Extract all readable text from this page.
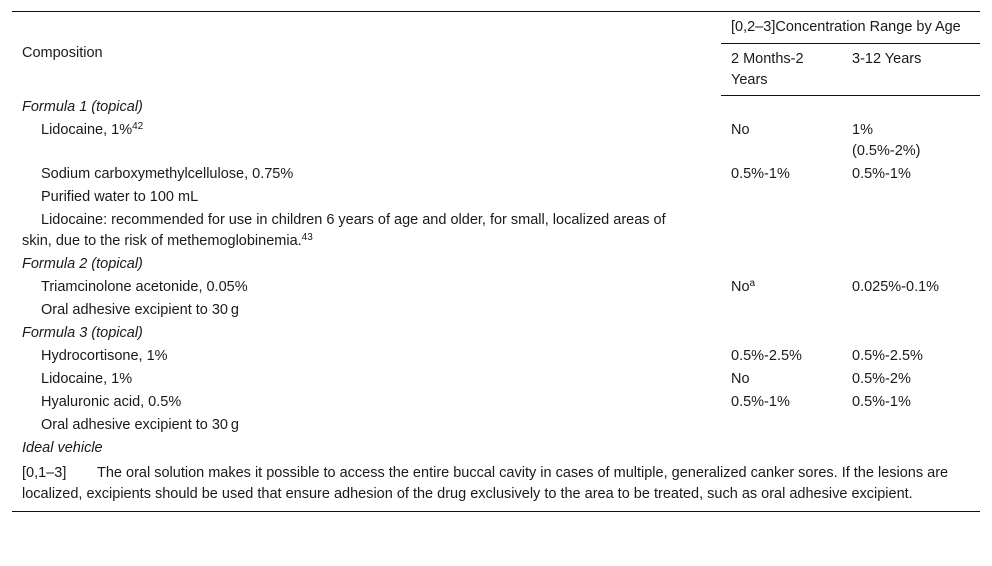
Composition	[0,2–3]Concentration Range by Age	
	2 Months-2 Years	3-12 Years
Formula 1 (topical)		
Lidocaine, 1%$^{42}$	No	1%
(0.5%-2%)
Sodium carboxymethylcellulose, 0.75%	0.5%-1%	0.5%-1%
Purified water to 100 mL		
Lidocaine: recommended for use in children 6 years of age and older, for small, localized areas of skin, due to the risk of methemoglobinemia.$^{43}$		
Formula 2 (topical)		
Triamcinolone acetonide, 0.05%	No$^a$	0.025%-0.1%
Oral adhesive excipient to 30 g		
Formula 3 (topical)		
Hydrocortisone, 1%	0.5%-2.5%	0.5%-2.5%
Lidocaine, 1%	No	0.5%-2%
Hyaluronic acid, 0.5%	0.5%-1%	0.5%-1%
Oral adhesive excipient to 30 g		
Ideal vehicle		
[0,1–3] The oral solution makes it possible to access the entire buccal cavity in cases of multiple, generalized canker sores. If the lesions are localized, excipients should be used that ensure adhesion of the drug exclusively to the area to be treated, such as oral adhesive excipient.		
